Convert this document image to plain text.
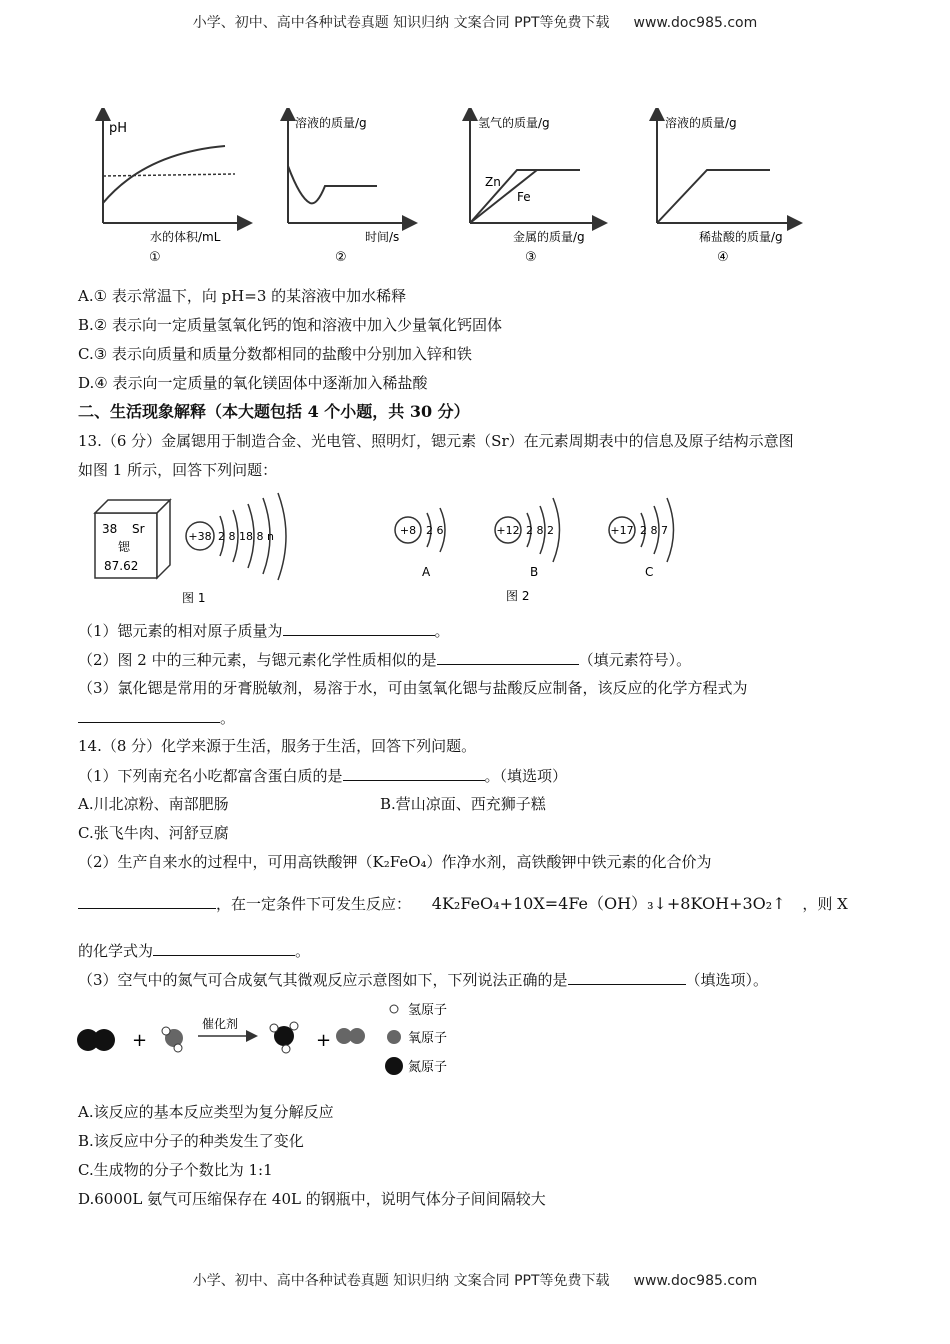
小学、初中、高中各种试卷真题 知识归纳 文案合同 PPT等免费下载 www.doc985.com
pH
水的体积/mL
①
溶液的质量/g
时间/s
②
氢气的质量/g
Zn
Fe
金属的质量/g
③
溶液的质量/g
稀盐酸的质量/g
④
A.① 表示常温下，向 pH=3 的某溶液中加水稀释
B.② 表示向一定质量氢氧化钙的饱和溶液中加入少量氧化钙固体
C.③ 表示向质量和质量分数都相同的盐酸中分别加入锌和铁
D.④ 表示向一定质量的氧化镁固体中逐渐加入稀盐酸
二、生活现象解释（本大题包括 4 个小题，共 30 分）
13.（6 分）金属锶用于制造合金、光电管、照明灯，锶元素（Sr）在元素周期表中的信息及原子结构示意图
如图 1 所示，回答下列问题：
38 Sr
锶
87.62
+38 2 8 18 8 n
图 1
+8 2 6
A
+12 2 8 2
B
+17 2 8 7
C
图 2
（1）锶元素的相对原子质量为	。
（2）图 2 中的三种元素，与锶元素化学性质相似的是	（填元素符号）。
（3）氯化锶是常用的牙膏脱敏剂，易溶于水，可由氢氧化锶与盐酸反应制备，该反应的化学方程式为
。
14.（8 分）化学来源于生活，服务于生活，回答下列问题。
（1）下列南充名小吃都富含蛋白质的是	。（填选项）
A.川北凉粉、南部肥肠	B.营山凉面、西充狮子糕
C.张飞牛肉、河舒豆腐
（2）生产自来水的过程中，可用高铁酸钾（K₂FeO₄）作净水剂，高铁酸钾中铁元素的化合价为
，在一定条件下可发生反应： 4K₂FeO₄+10X=4Fe（OH）₃↓+8KOH+3O₂↑ ，则 X
的化学式为	。
（3）空气中的氮气可合成氨气其微观反应示意图如下，下列说法正确的是	（填选项）。
+
催化剂
+
氢原子
氧原子
氮原子
A.该反应的基本反应类型为复分解反应
B.该反应中分子的种类发生了变化
C.生成物的分子个数比为 1:1
D.6000L 氨气可压缩保存在 40L 的钢瓶中，说明气体分子间间隔较大
小学、初中、高中各种试卷真题 知识归纳 文案合同 PPT等免费下载 www.doc985.com
